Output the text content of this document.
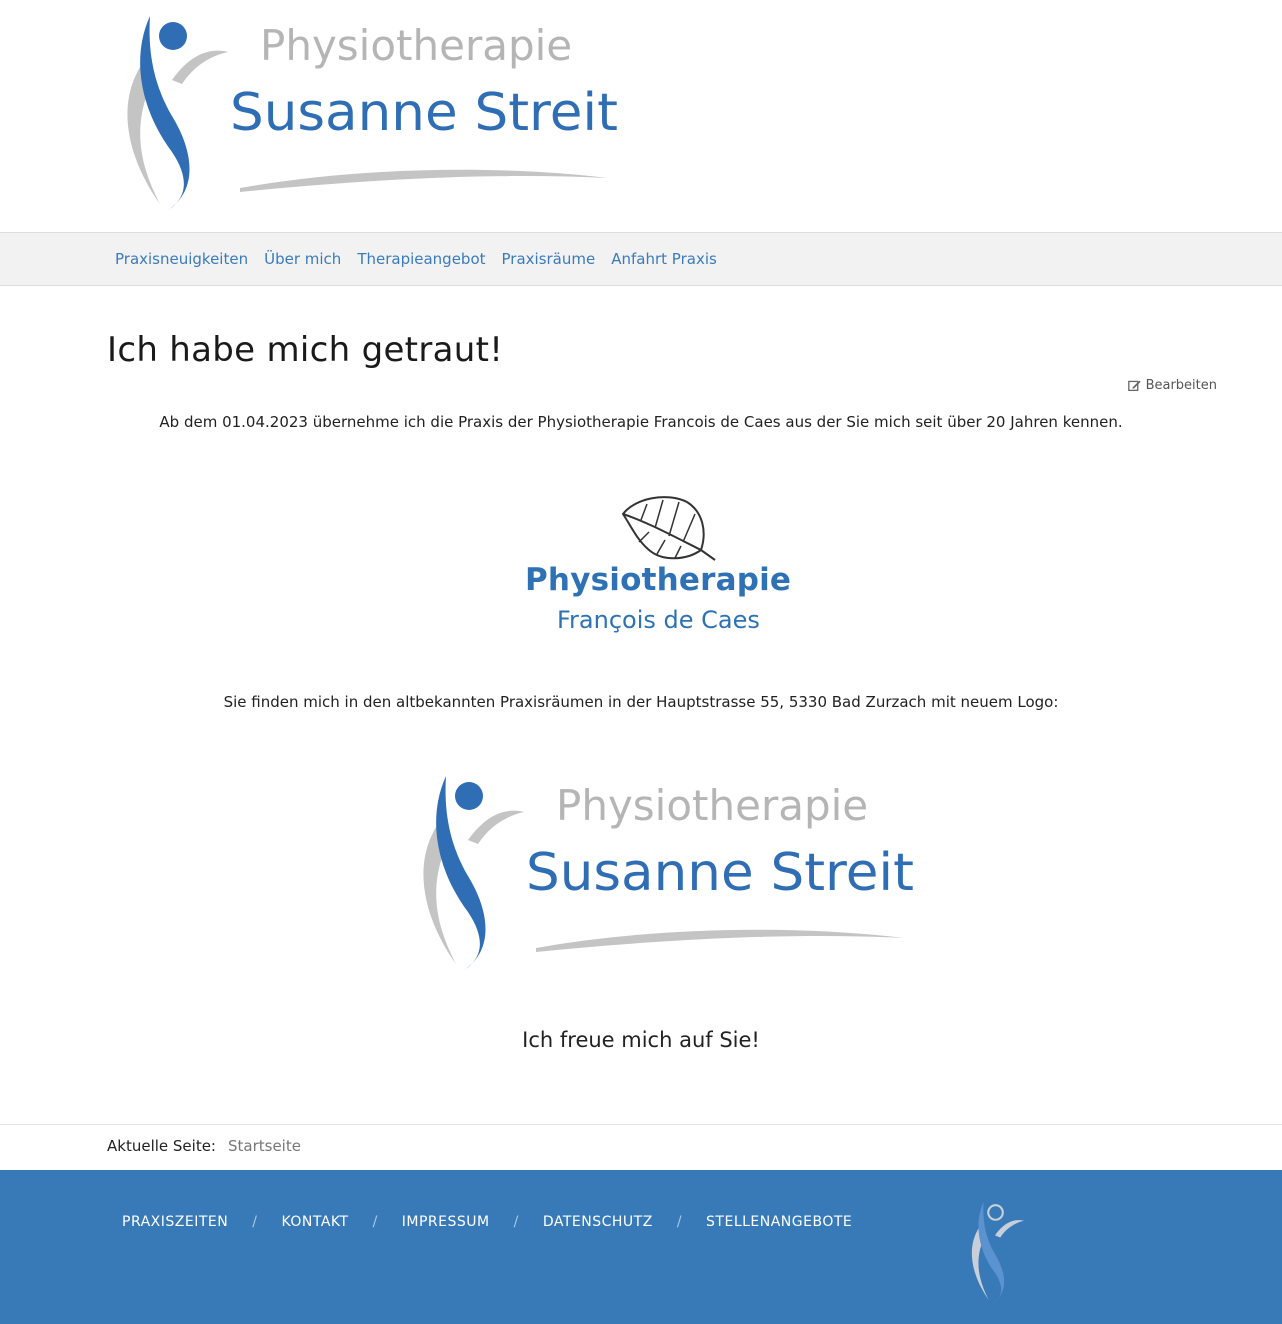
Physiotherapie
Susanne Streit
Praxisneuigkeiten	Über mich	Therapieangebot	Praxisräume	Anfahrt Praxis
Ich habe mich getraut!
Bearbeiten

Ab dem 01.04.2023 übernehme ich die Praxis der Physiotherapie Francois de Caes aus der Sie mich seit über 20 Jahren kennen.

Physiotherapie
François de Caes

Sie finden mich in den altbekannten Praxisräumen in der Hauptstrasse 55, 5330 Bad Zurzach mit neuem Logo:

Physiotherapie
Susanne Streit

Ich freue mich auf Sie!

Aktuelle Seite: Startseite
PRAXISZEITEN	/	KONTAKT	/	IMPRESSUM	/	DATENSCHUTZ	/	STELLENANGEBOTE
